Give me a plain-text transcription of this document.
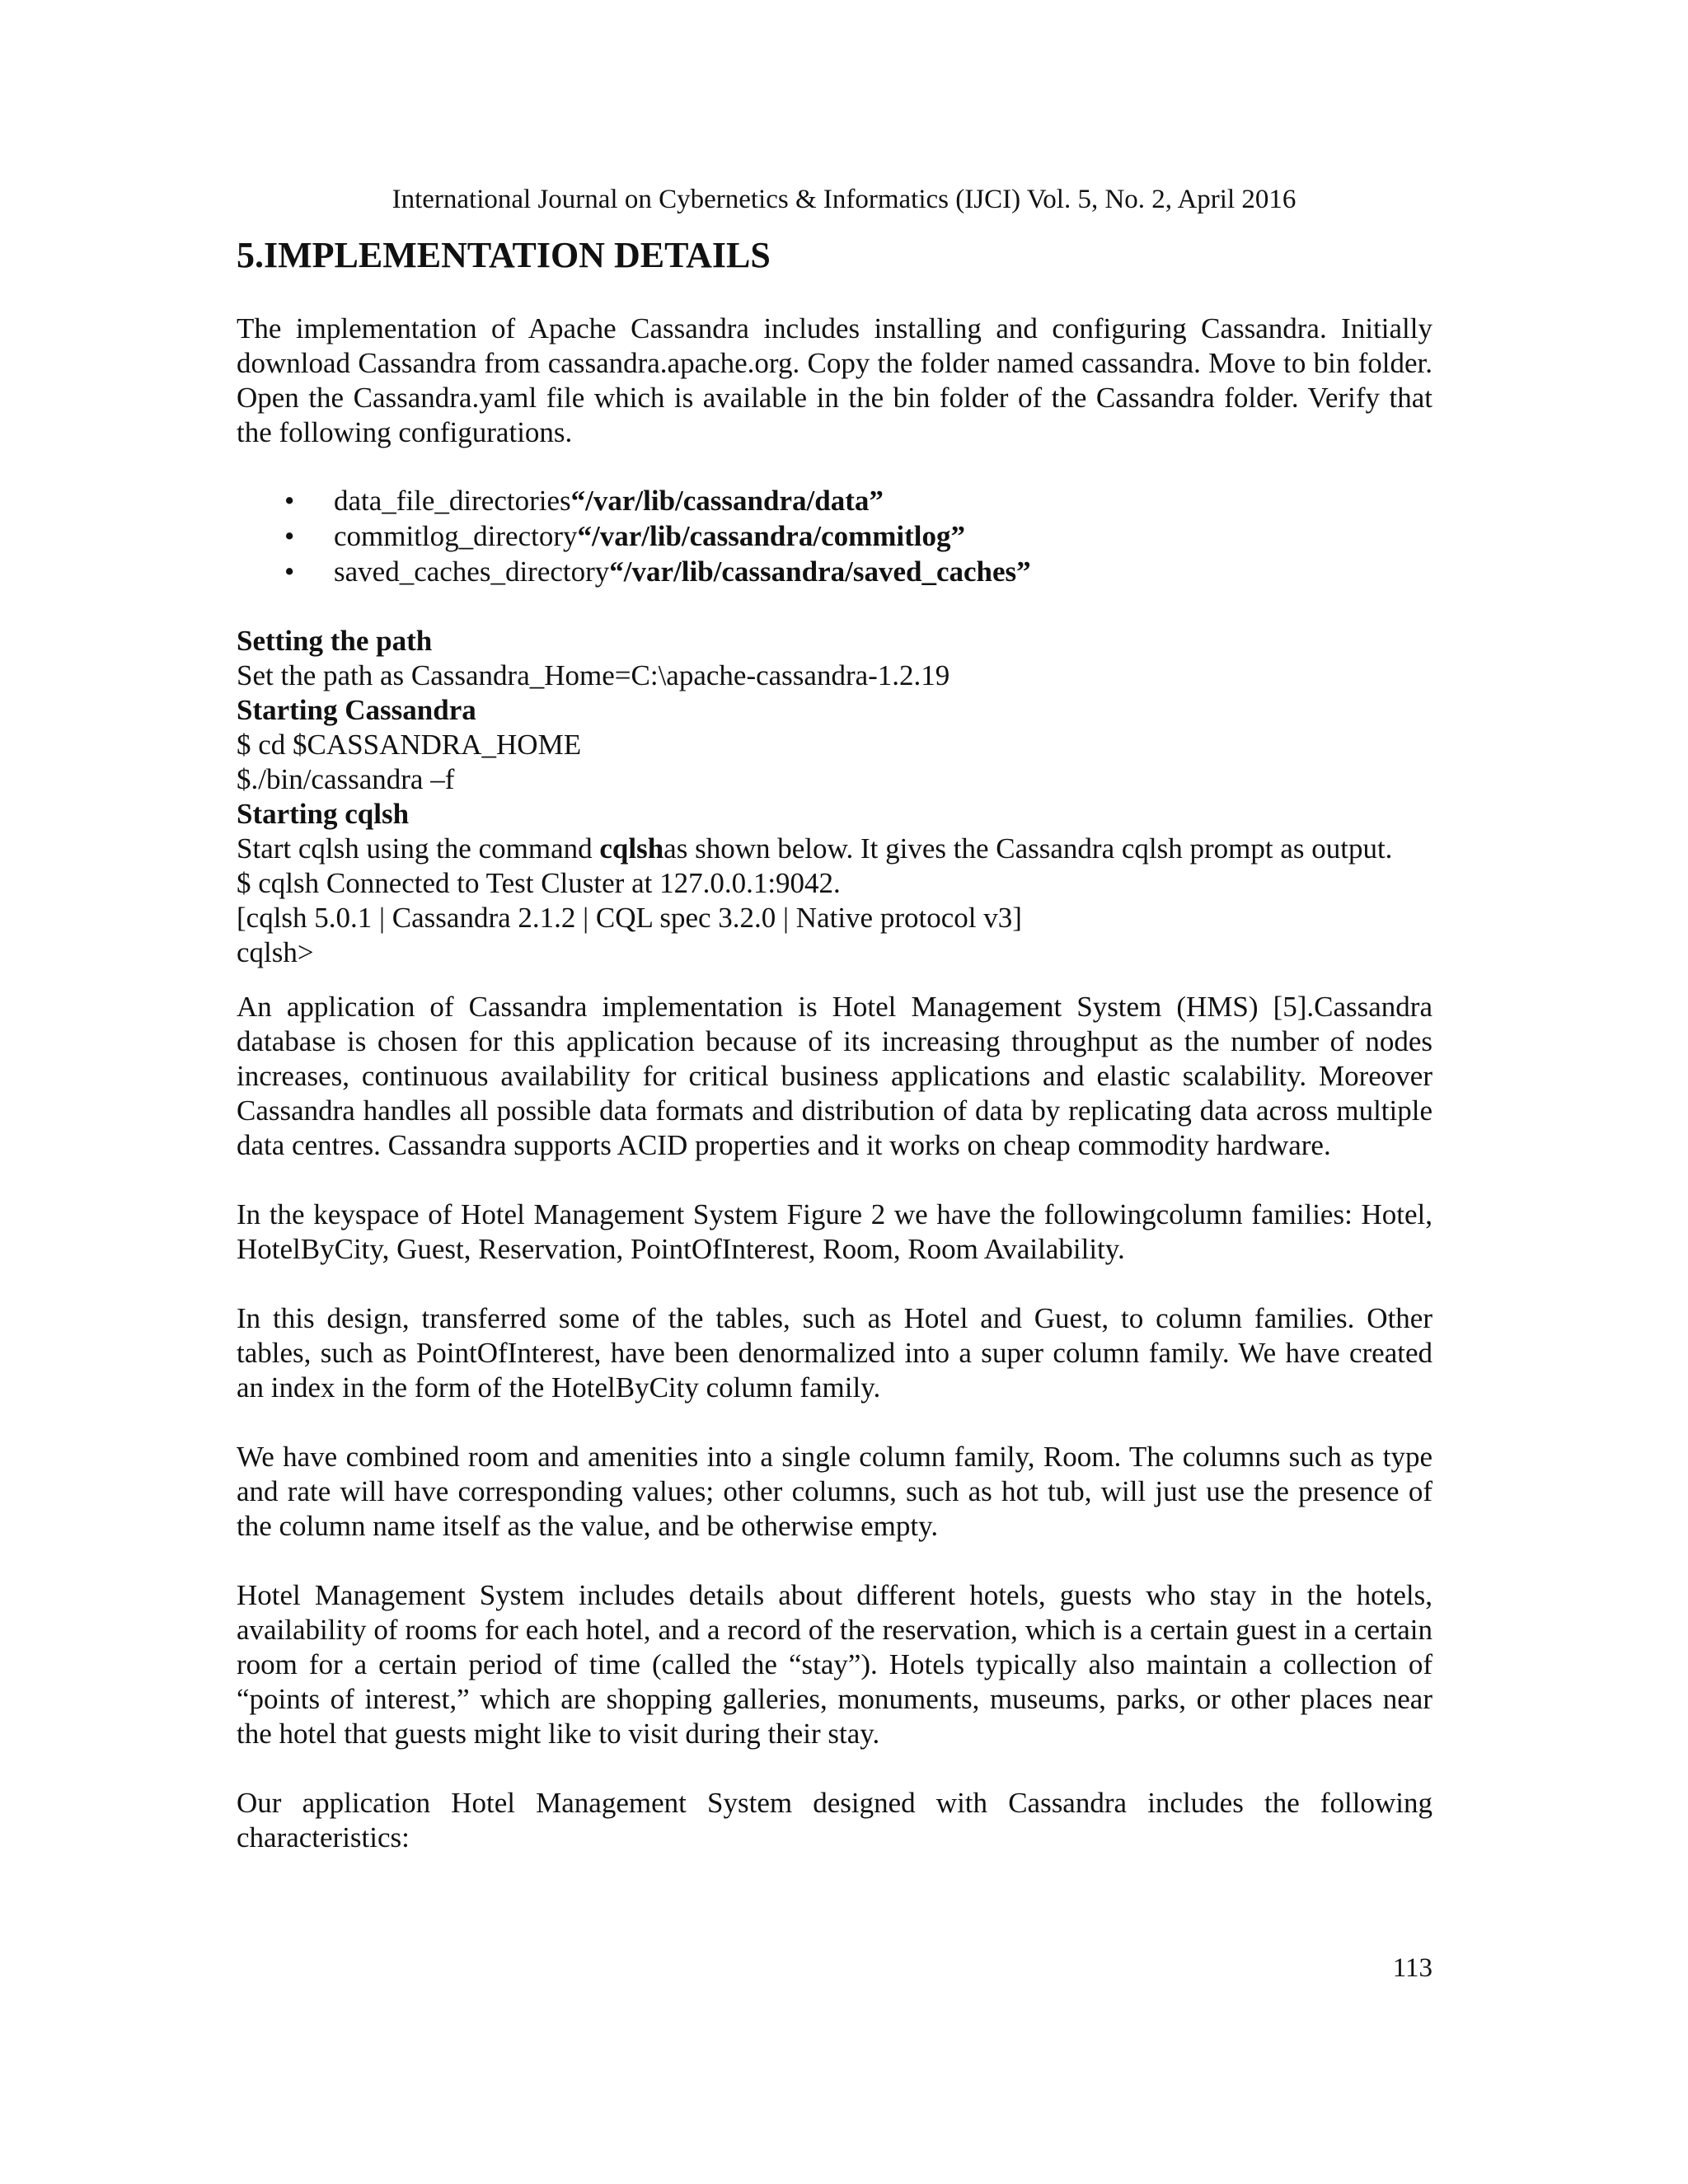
International Journal on Cybernetics & Informatics (IJCI) Vol. 5, No. 2, April 2016
5.IMPLEMENTATION DETAILS

The implementation of Apache Cassandra includes installing and configuring Cassandra. Initially download Cassandra from cassandra.apache.org. Copy the folder named cassandra. Move to bin folder. Open the Cassandra.yaml file which is available in the bin folder of the Cassandra folder. Verify that the following configurations.

• data_file_directories“/var/lib/cassandra/data”
• commitlog_directory“/var/lib/cassandra/commitlog”
• saved_caches_directory“/var/lib/cassandra/saved_caches”

Setting the path

Set the path as Cassandra_Home=C:\apache-cassandra-1.2.19

Starting Cassandra

$ cd $CASSANDRA_HOME

$./bin/cassandra –f

Starting cqlsh

Start cqlsh using the command cqlshas shown below. It gives the Cassandra cqlsh prompt as output.

$ cqlsh Connected to Test Cluster at 127.0.0.1:9042.

[cqlsh 5.0.1 | Cassandra 2.1.2 | CQL spec 3.2.0 | Native protocol v3]

cqlsh>

An application of Cassandra implementation is Hotel Management System (HMS) [5].Cassandra database is chosen for this application because of its increasing throughput as the number of nodes increases, continuous availability for critical business applications and elastic scalability. Moreover Cassandra handles all possible data formats and distribution of data by replicating data across multiple data centres. Cassandra supports ACID properties and it works on cheap commodity hardware.

In the keyspace of Hotel Management System Figure 2 we have the followingcolumn families: Hotel, HotelByCity, Guest, Reservation, PointOfInterest, Room, Room Availability.

In this design, transferred some of the tables, such as Hotel and Guest, to column families. Other tables, such as PointOfInterest, have been denormalized into a super column family. We have created an index in the form of the HotelByCity column family.

We have combined room and amenities into a single column family, Room. The columns such as type and rate will have corresponding values; other columns, such as hot tub, will just use the presence of the column name itself as the value, and be otherwise empty.

Hotel Management System includes details about different hotels, guests who stay in the hotels, availability of rooms for each hotel, and a record of the reservation, which is a certain guest in a certain room for a certain period of time (called the “stay”). Hotels typically also maintain a collection of “points of interest,” which are shopping galleries, monuments, museums, parks, or other places near the hotel that guests might like to visit during their stay.

Our application Hotel Management System designed with Cassandra includes the following characteristics:

113
